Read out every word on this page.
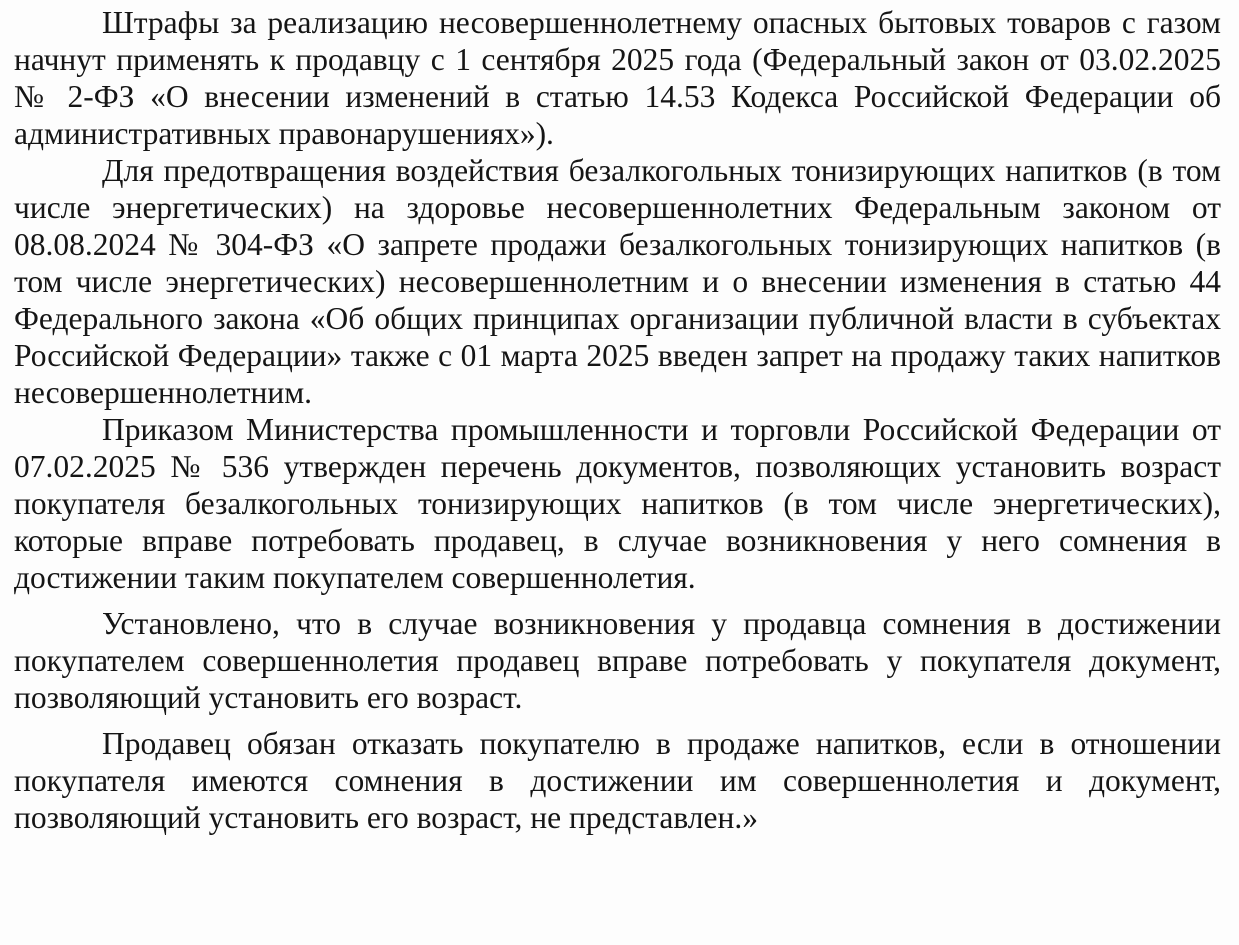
Штрафы за реализацию несовершеннолетнему опасных бытовых товаров с газом начнут применять к продавцу с 1 сентября 2025 года (Федеральный закон от 03.02.2025 № 2-ФЗ «О внесении изменений в статью 14.53 Кодекса Российской Федерации об административных правонарушениях»).

Для предотвращения воздействия безалкогольных тонизирующих напитков (в том числе энергетических) на здоровье несовершеннолетних Федеральным законом от 08.08.2024 № 304-ФЗ «О запрете продажи безалкогольных тонизирующих напитков (в том числе энергетических) несовершеннолетним и о внесении изменения в статью 44 Федерального закона «Об общих принципах организации публичной власти в субъектах Российской Федерации» также с 01 марта 2025 введен запрет на продажу таких напитков несовершеннолетним.

Приказом Министерства промышленности и торговли Российской Федерации от 07.02.2025 № 536 утвержден перечень документов, позволяющих установить возраст покупателя безалкогольных тонизирующих напитков (в том числе энергетических), которые вправе потребовать продавец, в случае возникновения у него сомнения в достижении таким покупателем совершеннолетия.

Установлено, что в случае возникновения у продавца сомнения в достижении покупателем совершеннолетия продавец вправе потребовать у покупателя документ, позволяющий установить его возраст.

Продавец обязан отказать покупателю в продаже напитков, если в отношении покупателя имеются сомнения в достижении им совершеннолетия и документ, позволяющий установить его возраст, не представлен.»
